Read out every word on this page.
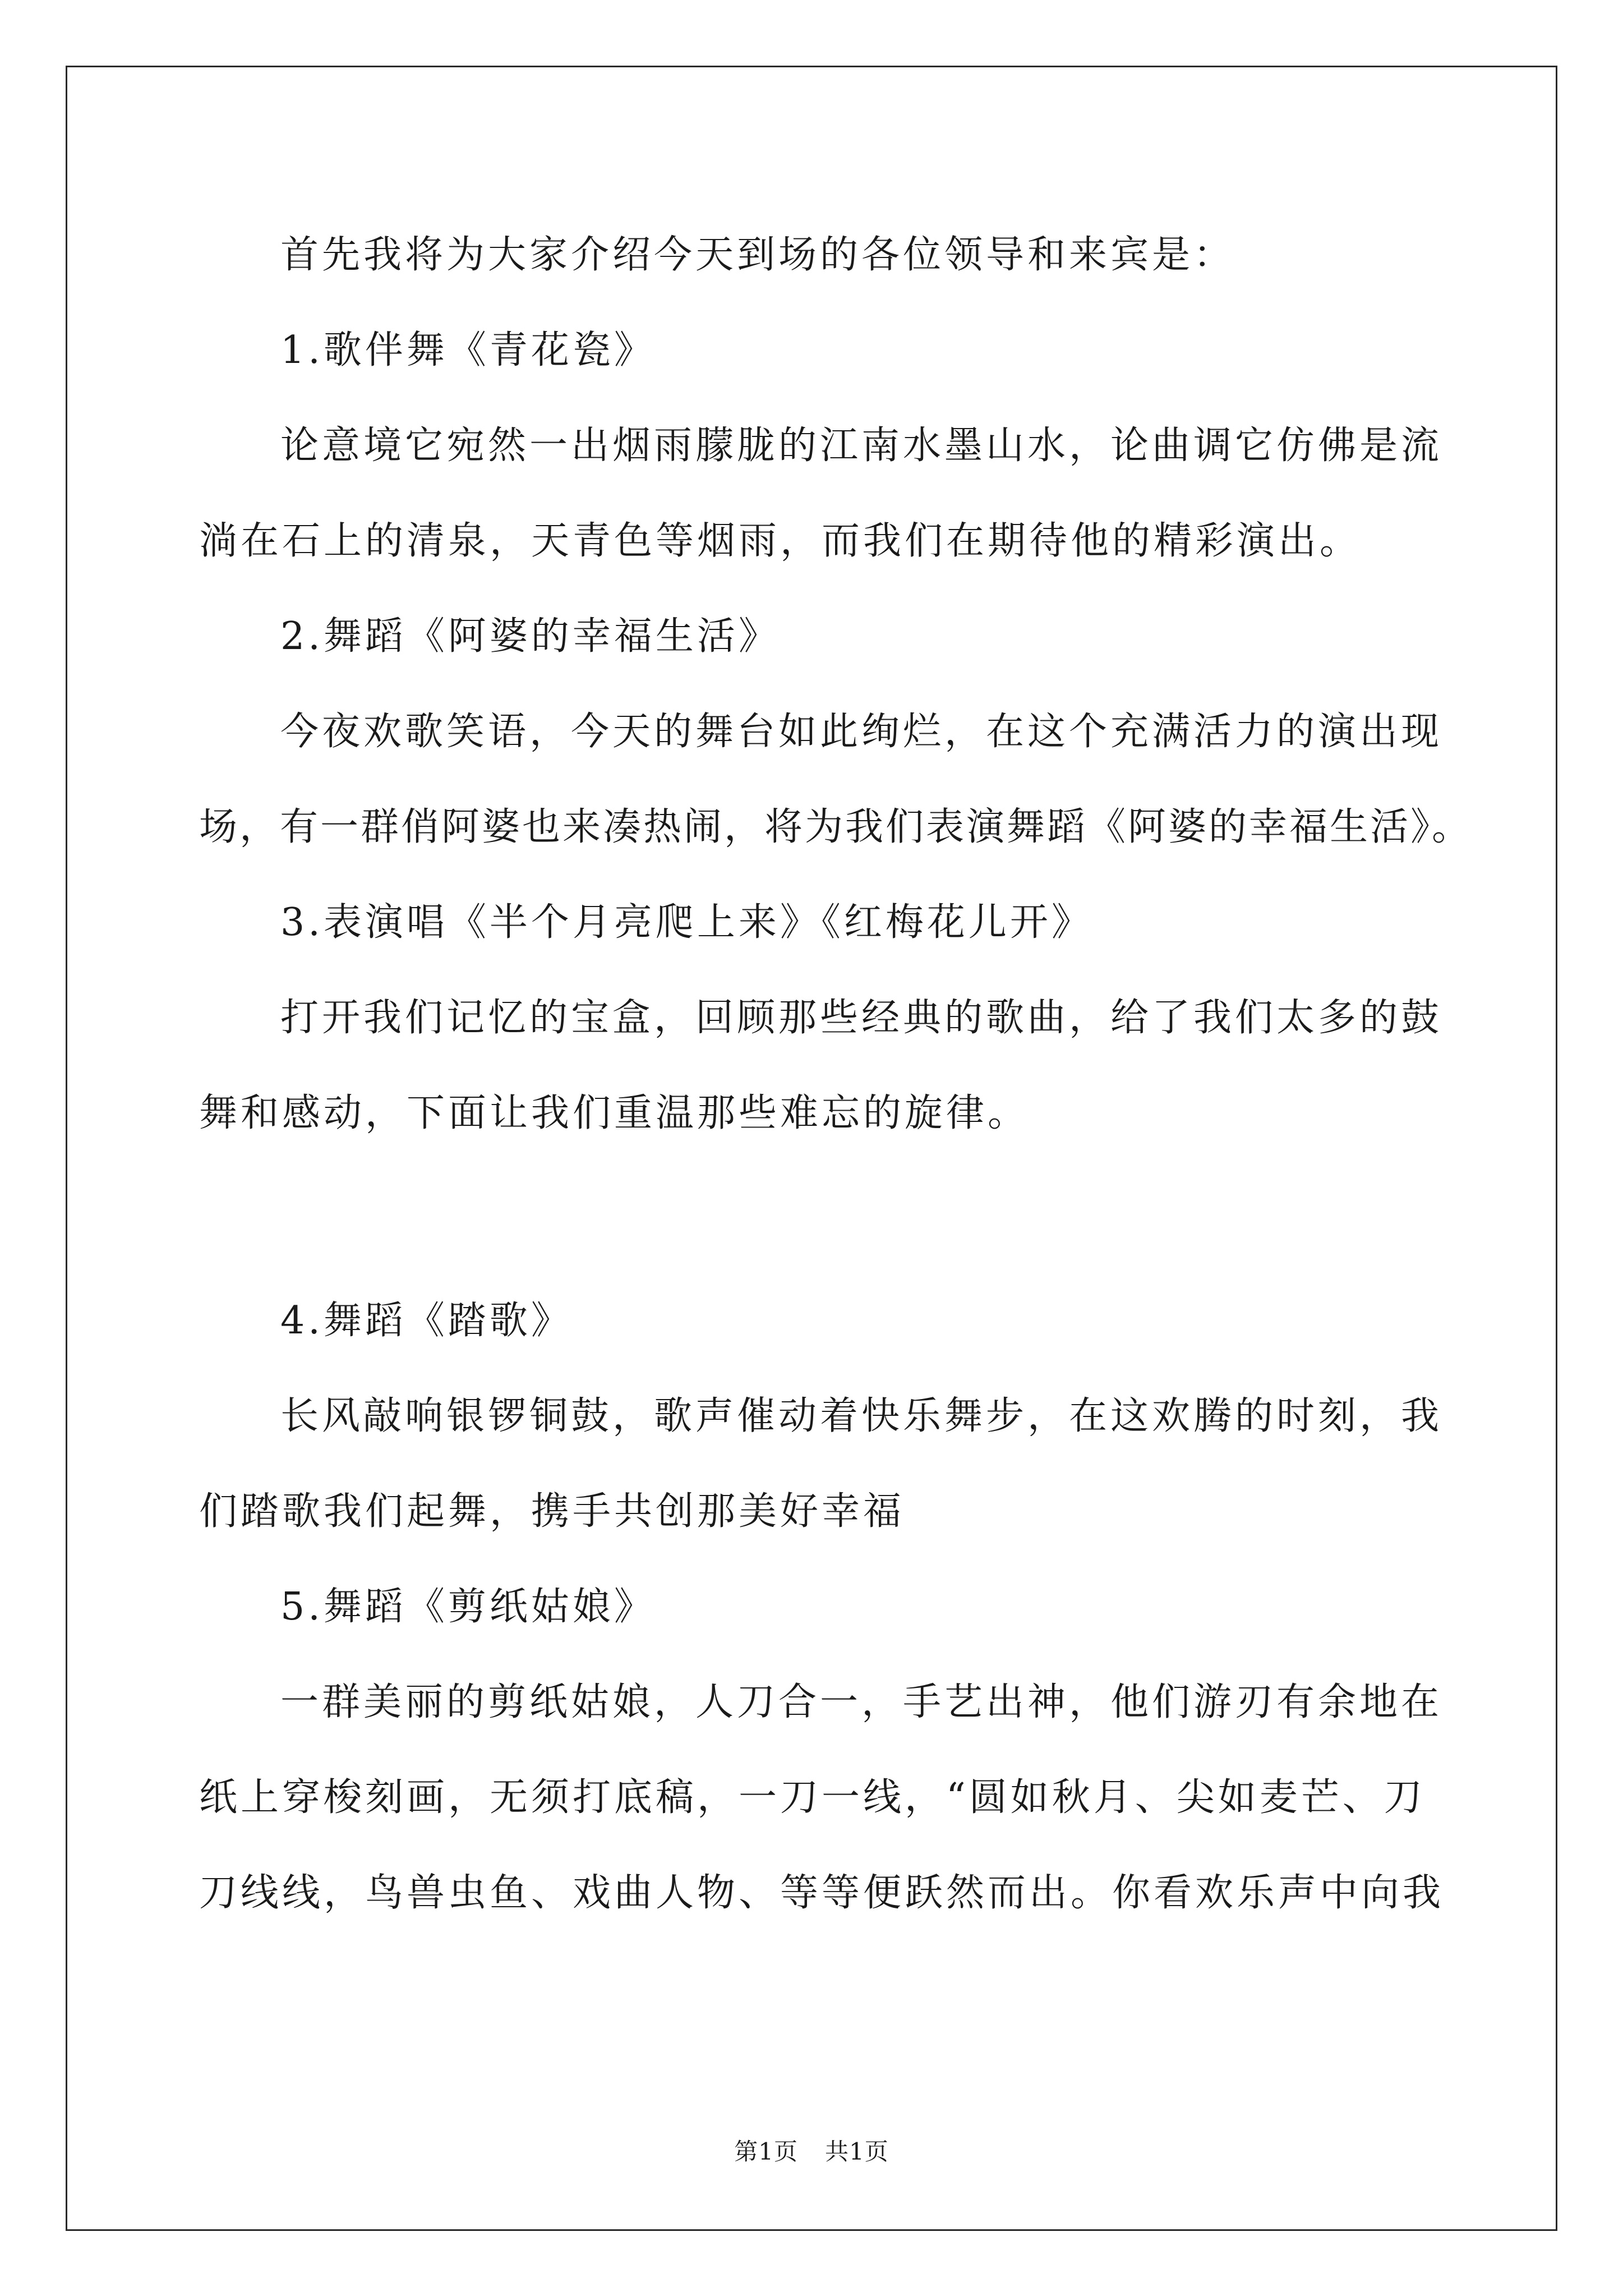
首先我将为大家介绍今天到场的各位领导和来宾是：
1.歌伴舞《青花瓷》
论意境它宛然一出烟雨朦胧的江南水墨山水，论曲调它仿佛是流
淌在石上的清泉，天青色等烟雨，而我们在期待他的精彩演出。
2.舞蹈《阿婆的幸福生活》
今夜欢歌笑语，今天的舞台如此绚烂，在这个充满活力的演出现
场，有一群俏阿婆也来凑热闹，将为我们表演舞蹈《阿婆的幸福生活》。
3.表演唱《半个月亮爬上来》《红梅花儿开》
打开我们记忆的宝盒，回顾那些经典的歌曲，给了我们太多的鼓
舞和感动，下面让我们重温那些难忘的旋律。
4.舞蹈《踏歌》
长风敲响银锣铜鼓，歌声催动着快乐舞步，在这欢腾的时刻，我
们踏歌我们起舞，携手共创那美好幸福
5.舞蹈《剪纸姑娘》
一群美丽的剪纸姑娘，人刀合一，手艺出神，他们游刃有余地在
纸上穿梭刻画，无须打底稿，一刀一线，“圆如秋月、尖如麦芒、刀
刀线线，鸟兽虫鱼、戏曲人物、等等便跃然而出。你看欢乐声中向我
第1页 共1页
